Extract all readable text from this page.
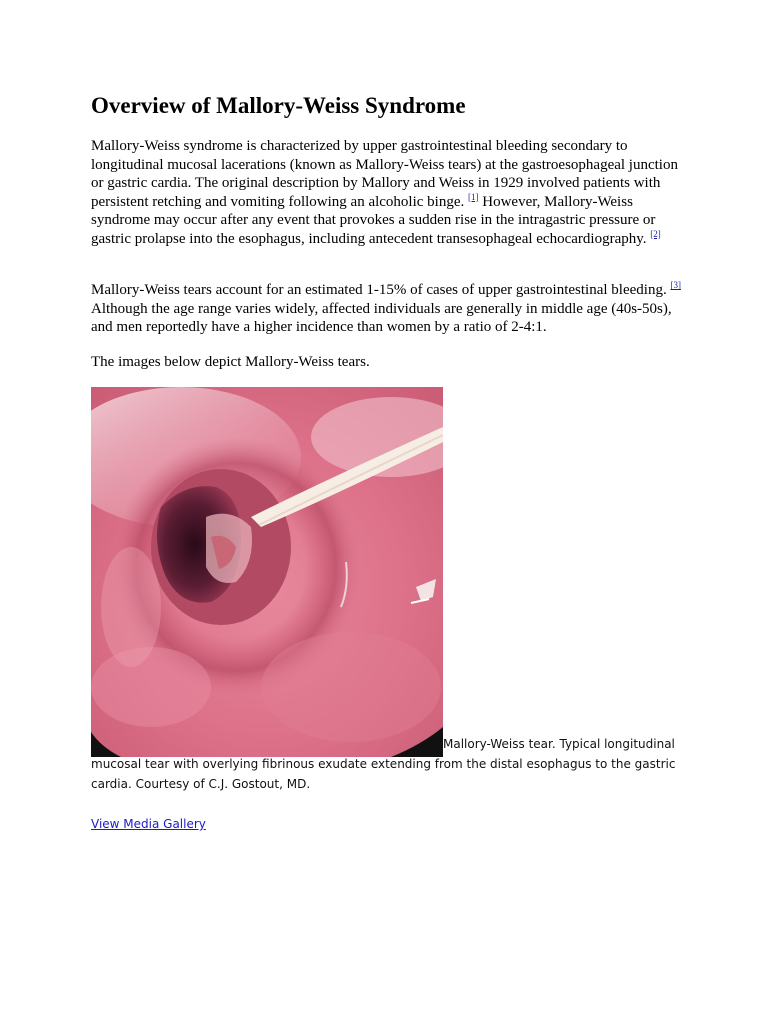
Overview of Mallory-Weiss Syndrome

Mallory-Weiss syndrome is characterized by upper gastrointestinal bleeding secondary to longitudinal mucosal lacerations (known as Mallory-Weiss tears) at the gastroesophageal junction or gastric cardia. The original description by Mallory and Weiss in 1929 involved patients with persistent retching and vomiting following an alcoholic binge. [1] However, Mallory-Weiss syndrome may occur after any event that provokes a sudden rise in the intragastric pressure or gastric prolapse into the esophagus, including antecedent transesophageal echocardiography. [2]

Mallory-Weiss tears account for an estimated 1-15% of cases of upper gastrointestinal bleeding. [3] Although the age range varies widely, affected individuals are generally in middle age (40s-50s), and men reportedly have a higher incidence than women by a ratio of 2-4:1.

The images below depict Mallory-Weiss tears.

Mallory-Weiss tear. Typical longitudinal
mucosal tear with overlying fibrinous exudate extending from the distal esophagus to the gastric cardia. Courtesy of C.J. Gostout, MD.
View Media Gallery
